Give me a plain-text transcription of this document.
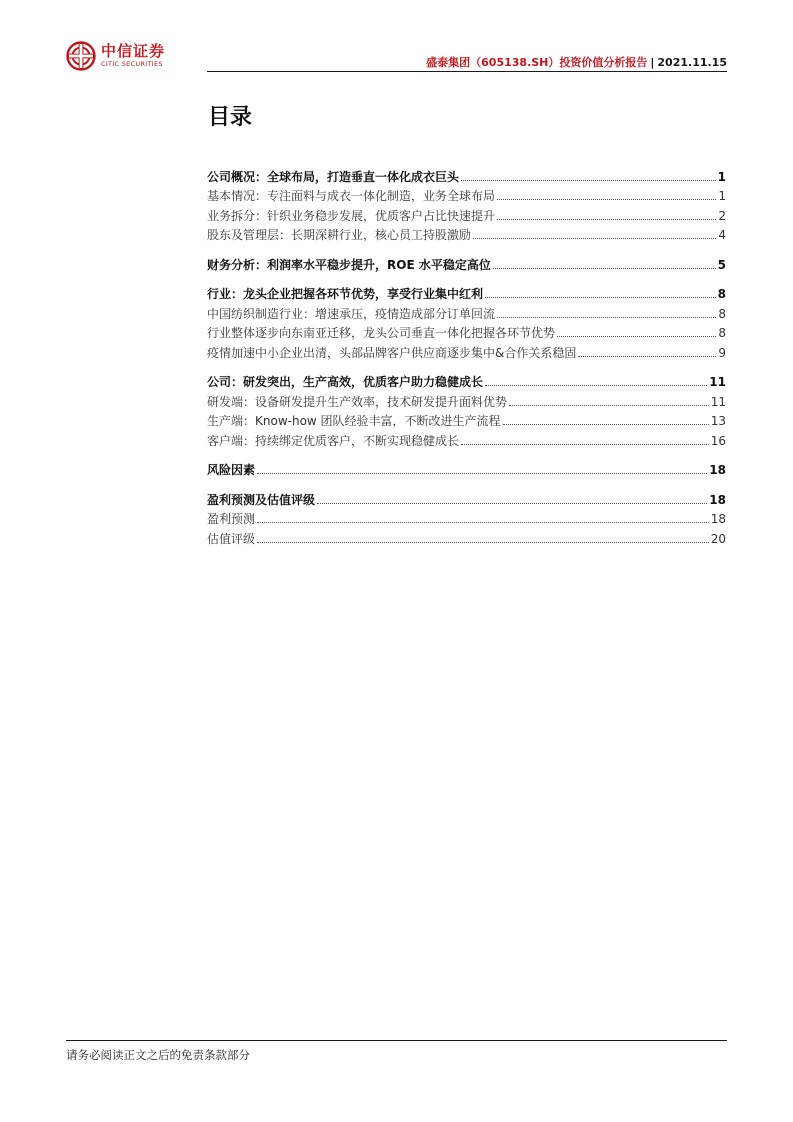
中信证券
CITIC SECURITIES	盛泰集团（605138.SH）投资价值分析报告 | 2021.11.15
目录
公司概况：全球布局，打造垂直一体化成衣巨头	1
基本情况：专注面料与成衣一体化制造，业务全球布局	1
业务拆分：针织业务稳步发展，优质客户占比快速提升	2
股东及管理层：长期深耕行业，核心员工持股激励	4
财务分析：利润率水平稳步提升，ROE 水平稳定高位	5
行业：龙头企业把握各环节优势，享受行业集中红利	8
中国纺织制造行业：增速承压，疫情造成部分订单回流	8
行业整体逐步向东南亚迁移，龙头公司垂直一体化把握各环节优势	8
疫情加速中小企业出清，头部品牌客户供应商逐步集中&合作关系稳固	9
公司：研发突出，生产高效，优质客户助力稳健成长	11
研发端：设备研发提升生产效率，技术研发提升面料优势	11
生产端：Know-how 团队经验丰富，不断改进生产流程	13
客户端：持续绑定优质客户，不断实现稳健成长	16
风险因素	18
盈利预测及估值评级	18
盈利预测	18
估值评级	20
请务必阅读正文之后的免责条款部分
